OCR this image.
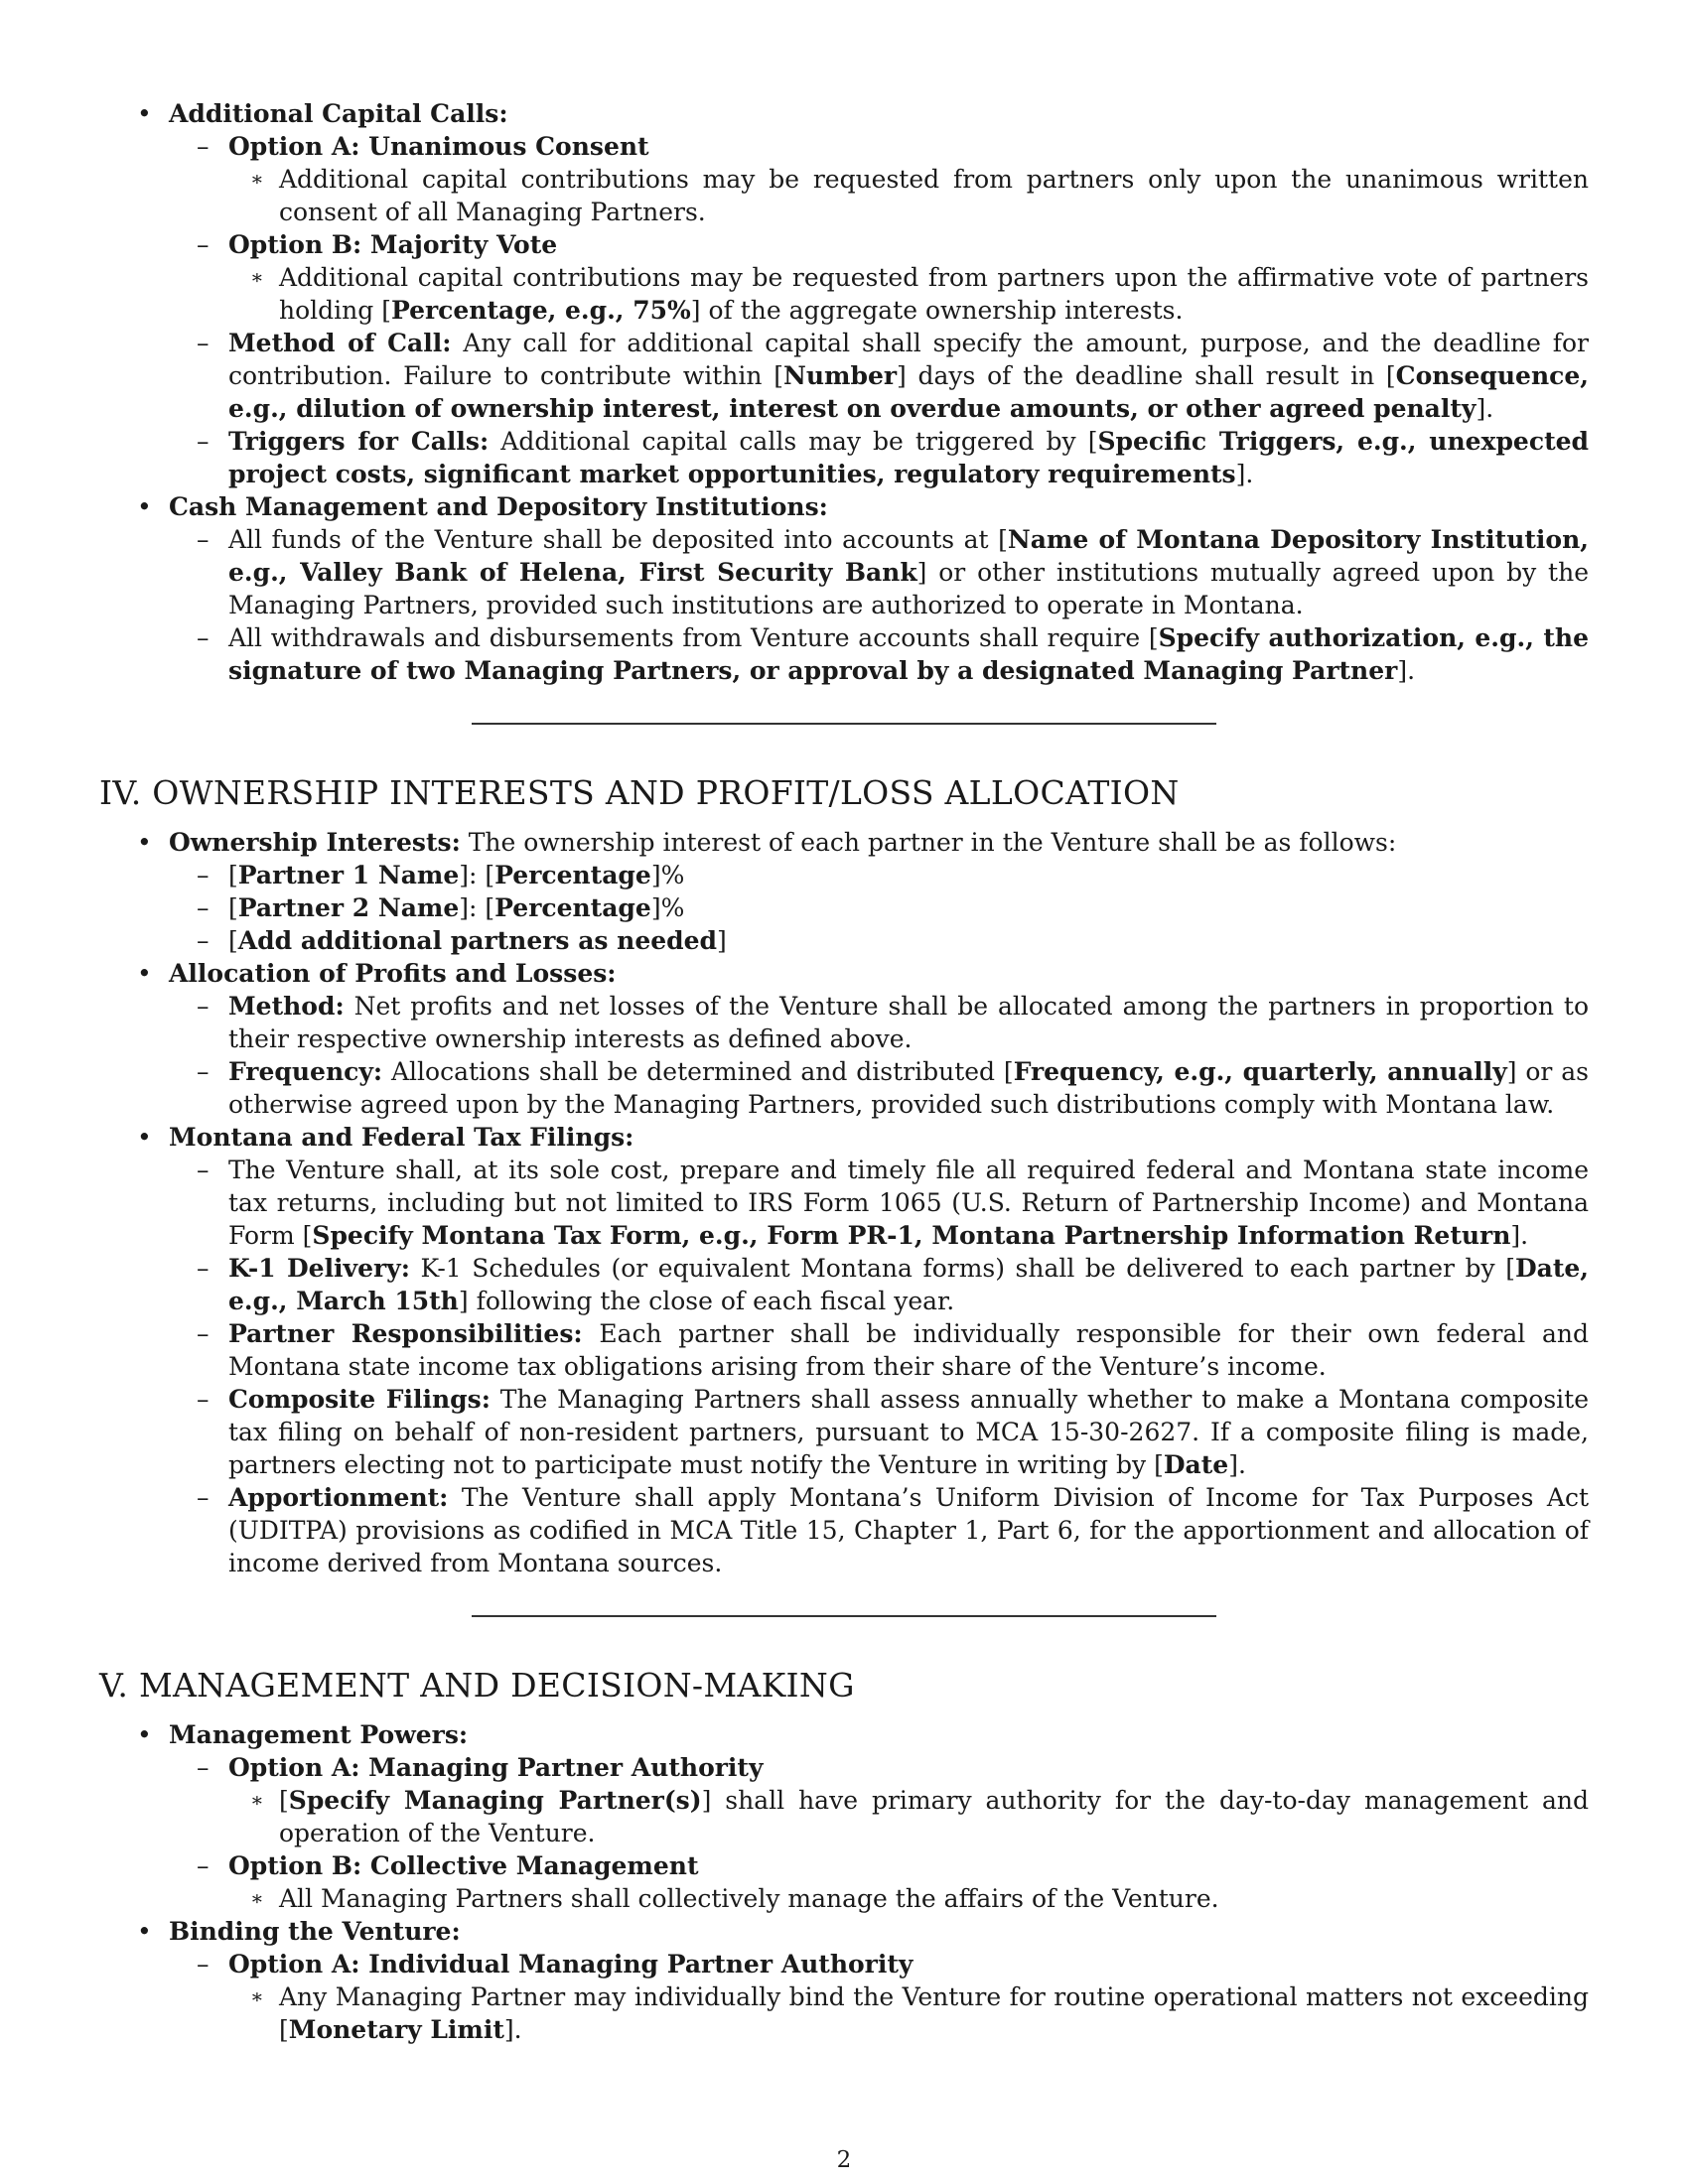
• Additional Capital Calls:
– Option A: Unanimous Consent
∗ Additional capital contributions may be requested from partners only upon the unanimous written consent of all Managing Partners.
– Option B: Majority Vote
∗ Additional capital contributions may be requested from partners upon the affirmative vote of partners holding [Percentage, e.g., 75%] of the aggregate ownership interests.
– Method of Call: Any call for additional capital shall specify the amount, purpose, and the deadline for contribution. Failure to contribute within [Number] days of the deadline shall result in [Consequence, e.g., dilution of ownership interest, interest on overdue amounts, or other agreed penalty].
– Triggers for Calls: Additional capital calls may be triggered by [Specific Triggers, e.g., unexpected project costs, significant market opportunities, regulatory requirements].
• Cash Management and Depository Institutions:
– All funds of the Venture shall be deposited into accounts at [Name of Montana Depository Institution, e.g., Valley Bank of Helena, First Security Bank] or other institutions mutually agreed upon by the Managing Partners, provided such institutions are authorized to operate in Montana.
– All withdrawals and disbursements from Venture accounts shall require [Specify authorization, e.g., the signature of two Managing Partners, or approval by a designated Managing Partner].
IV. OWNERSHIP INTERESTS AND PROFIT/LOSS ALLOCATION
• Ownership Interests: The ownership interest of each partner in the Venture shall be as follows:
– [Partner 1 Name]: [Percentage]%
– [Partner 2 Name]: [Percentage]%
– [Add additional partners as needed]
• Allocation of Profits and Losses:
– Method: Net profits and net losses of the Venture shall be allocated among the partners in proportion to their respective ownership interests as defined above.
– Frequency: Allocations shall be determined and distributed [Frequency, e.g., quarterly, annually] or as otherwise agreed upon by the Managing Partners, provided such distributions comply with Montana law.
• Montana and Federal Tax Filings:
– The Venture shall, at its sole cost, prepare and timely file all required federal and Montana state income tax returns, including but not limited to IRS Form 1065 (U.S. Return of Partnership Income) and Montana Form [Specify Montana Tax Form, e.g., Form PR-1, Montana Partnership Information Return].
– K-1 Delivery: K-1 Schedules (or equivalent Montana forms) shall be delivered to each partner by [Date, e.g., March 15th] following the close of each fiscal year.
– Partner Responsibilities: Each partner shall be individually responsible for their own federal and Montana state income tax obligations arising from their share of the Venture’s income.
– Composite Filings: The Managing Partners shall assess annually whether to make a Montana composite tax filing on behalf of non-resident partners, pursuant to MCA 15-30-2627. If a composite filing is made, partners electing not to participate must notify the Venture in writing by [Date].
– Apportionment: The Venture shall apply Montana’s Uniform Division of Income for Tax Purposes Act (UDITPA) provisions as codified in MCA Title 15, Chapter 1, Part 6, for the apportionment and allocation of income derived from Montana sources.
V. MANAGEMENT AND DECISION-MAKING
• Management Powers:
– Option A: Managing Partner Authority
∗ [Specify Managing Partner(s)] shall have primary authority for the day-to-day management and operation of the Venture.
– Option B: Collective Management
∗ All Managing Partners shall collectively manage the affairs of the Venture.
• Binding the Venture:
– Option A: Individual Managing Partner Authority
∗ Any Managing Partner may individually bind the Venture for routine operational matters not exceeding [Monetary Limit].
2
